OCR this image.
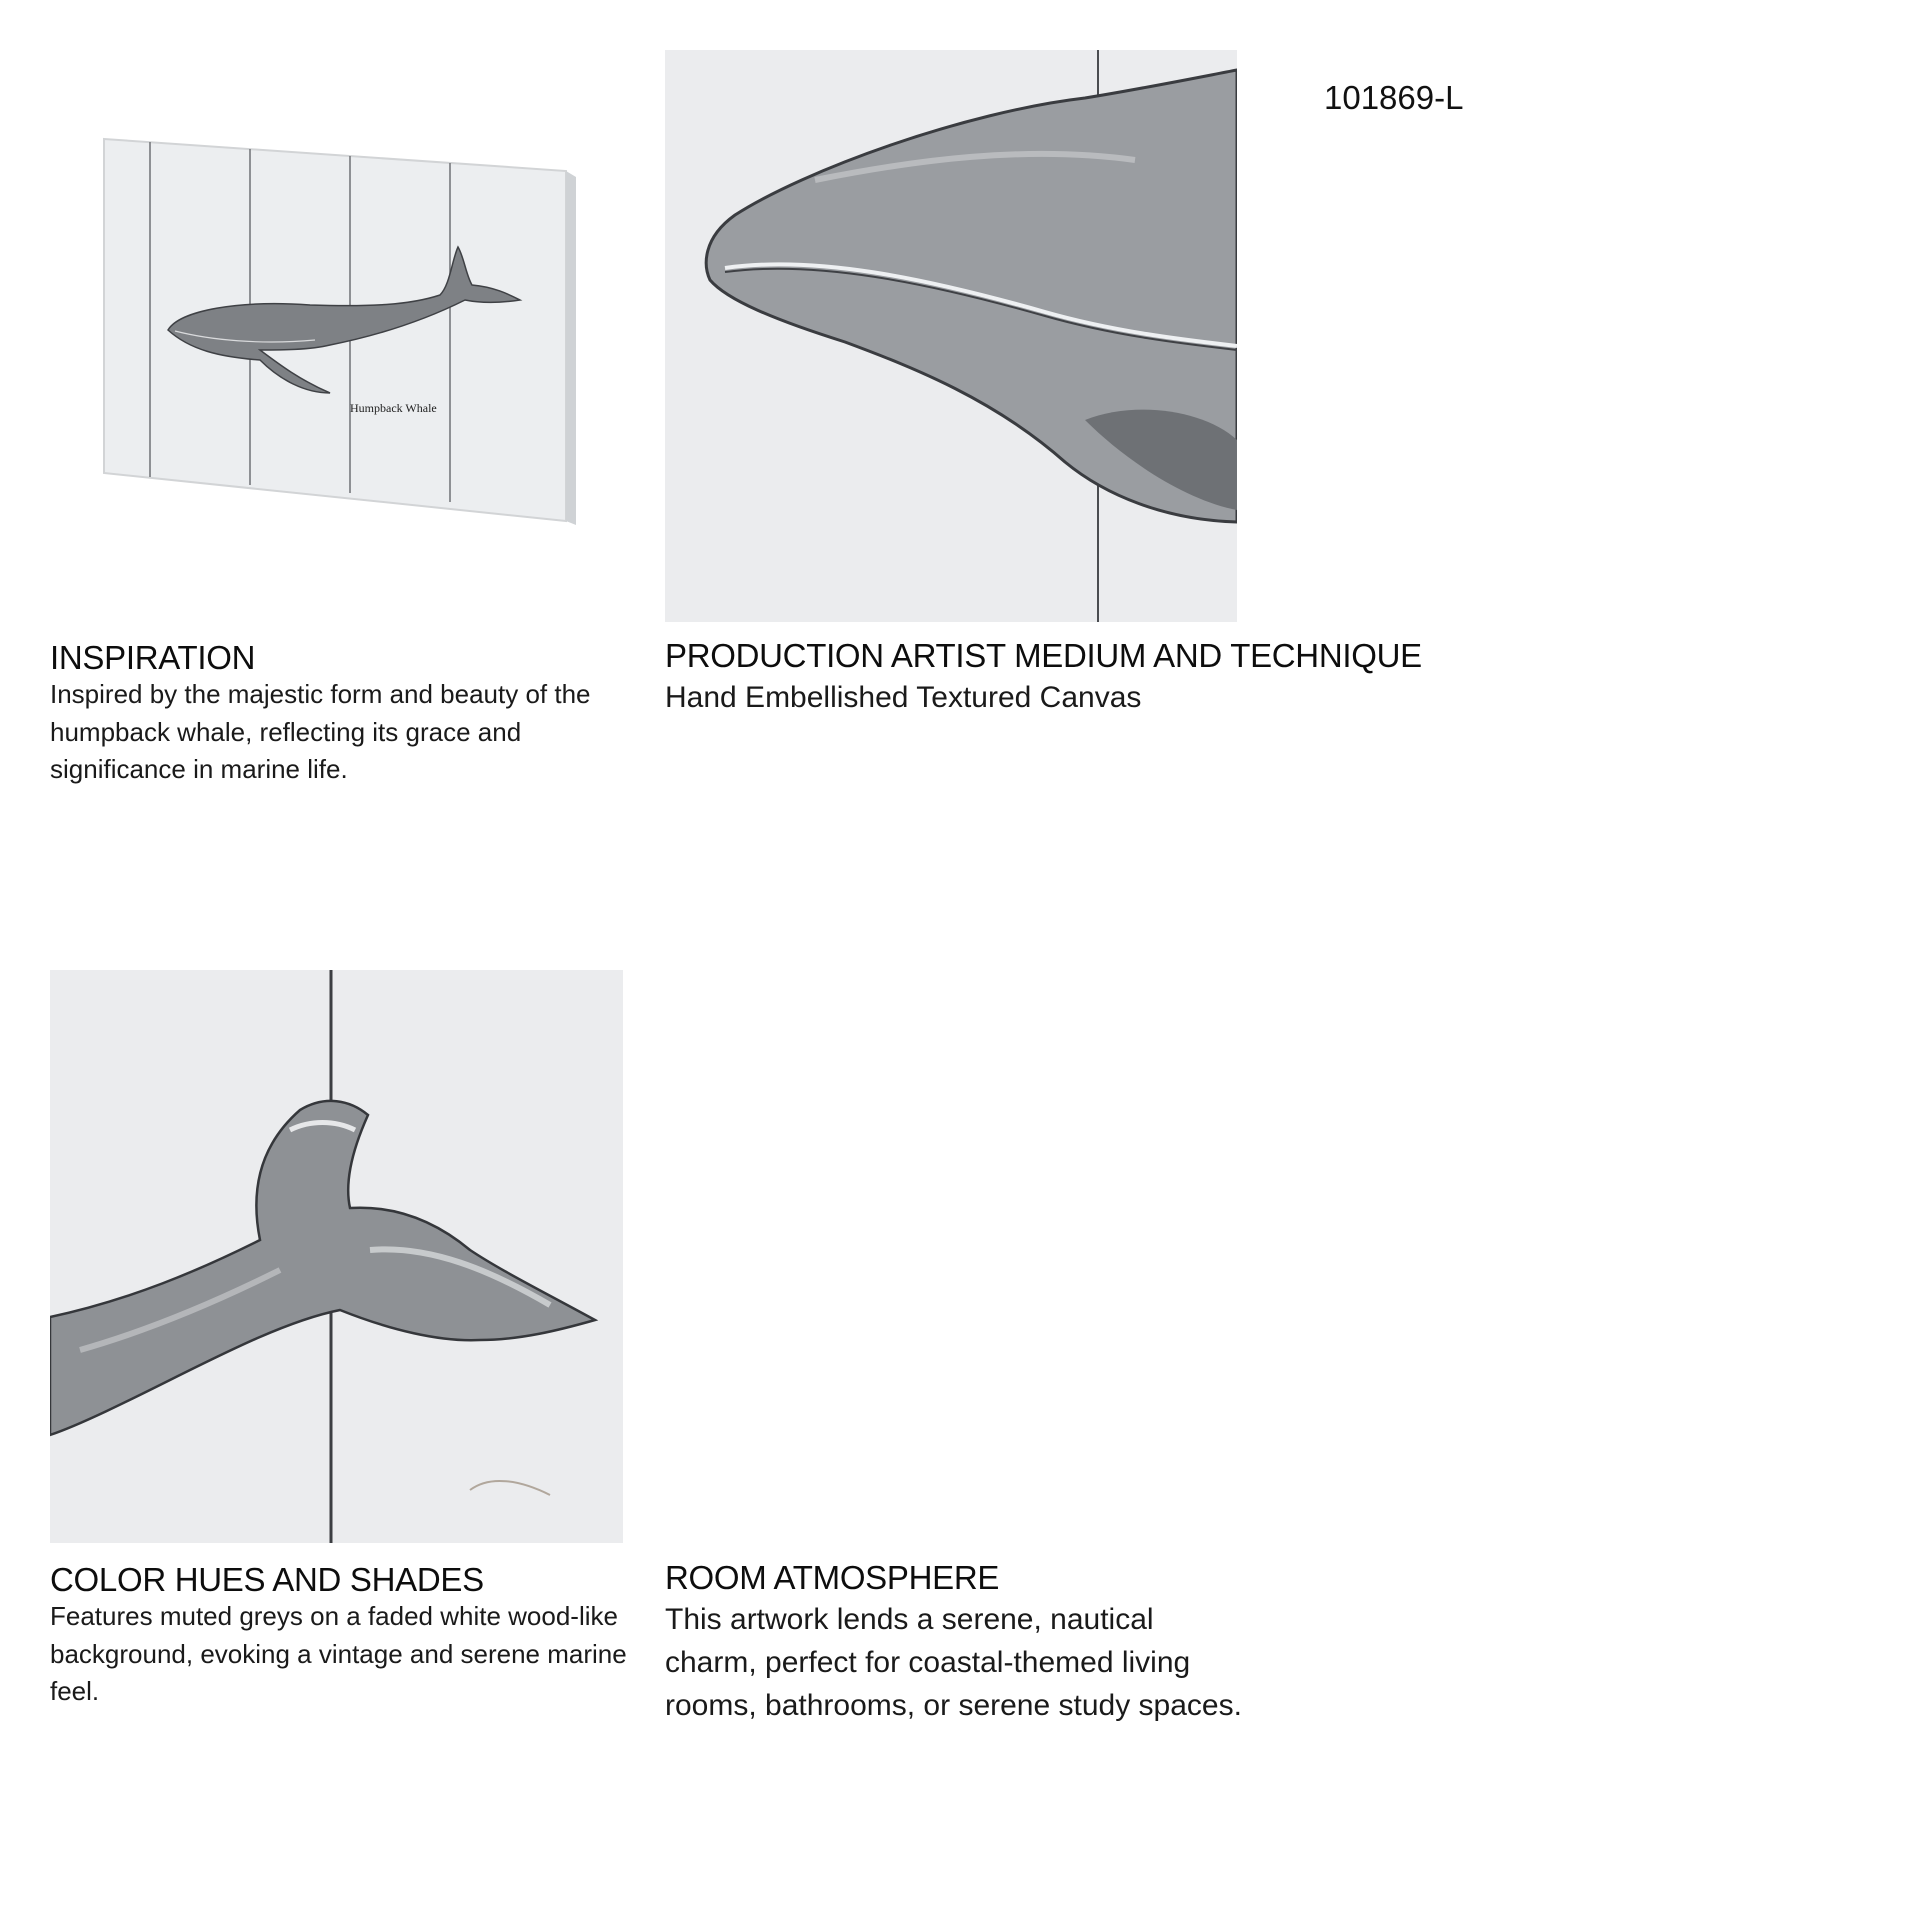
101869-L
Humpback Whale
INSPIRATION
Inspired by the majestic form and beauty of the humpback whale, reflecting its grace and significance in marine life.
PRODUCTION ARTIST MEDIUM AND TECHNIQUE
Hand Embellished Textured Canvas
COLOR HUES AND SHADES
Features muted greys on a faded white wood-like background, evoking a vintage and serene marine feel.
ROOM ATMOSPHERE
This artwork lends a serene, nautical charm, perfect for coastal-themed living rooms, bathrooms, or serene study spaces.
